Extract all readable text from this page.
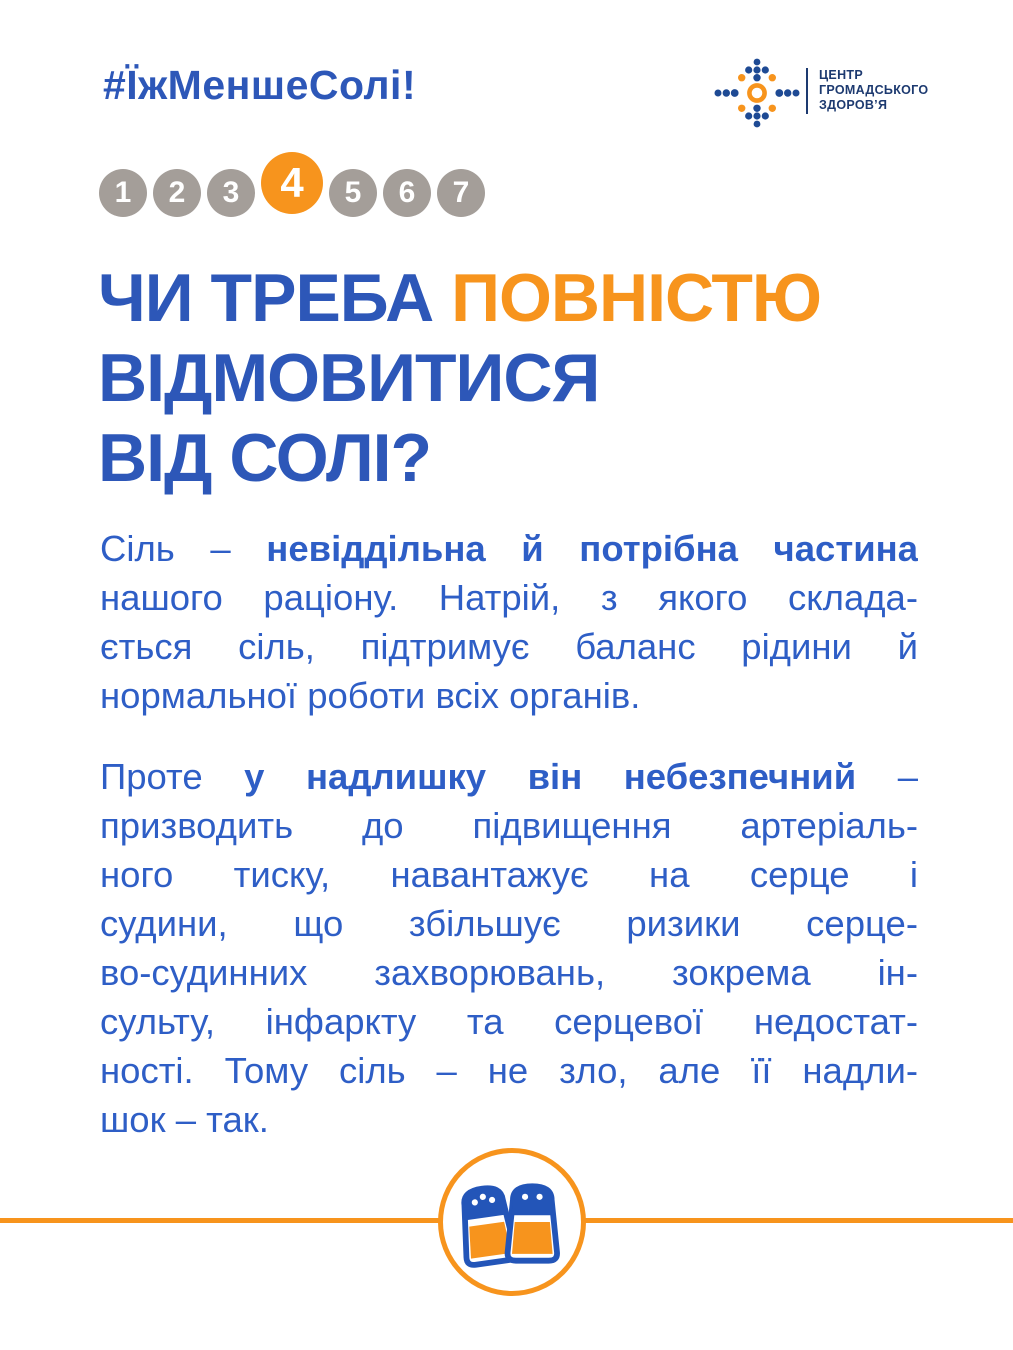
#ЇжМеншеСолі!	ЦЕНТР
ГРОМАДСЬКОГО
ЗДОРОВ’Я
1	2	3 4	5	6	7
ЧИ ТРЕБА ПОВНІСТЮ
ВІДМОВИТИСЯ
ВІД СОЛІ?
Сіль – невіддільна й потрібна частина
нашого раціону. Натрій, з якого склада-
ється сіль, підтримує баланс рідини й
нормальної роботи всіх органів.
Проте у надлишку він небезпечний –
призводить до підвищення артеріаль-
ного тиску, навантажує на серце і
судини, що збільшує ризики серце-
во-судинних захворювань, зокрема ін-
сульту, інфаркту та серцевої недостат-
ності. Тому сіль – не зло, але її надли-
шок – так.
